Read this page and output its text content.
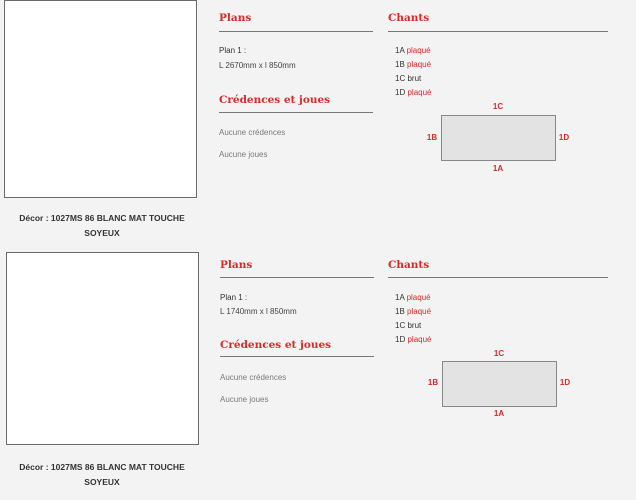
Décor : 1027MS 86 BLANC MAT TOUCHE
SOYEUX
Plans
Plan 1 :
L 2670mm x l 850mm
Crédences et joues
Aucune crédences
Aucune joues
Chants
1A plaqué
1B plaqué
1C brut
1D plaqué
1C
1B	1D
1A
Décor : 1027MS 86 BLANC MAT TOUCHE
SOYEUX
Plans
Plan 1 :
L 1740mm x l 850mm
Crédences et joues
Aucune crédences
Aucune joues
Chants
1A plaqué
1B plaqué
1C brut
1D plaqué
1C
1B	1D
1A
